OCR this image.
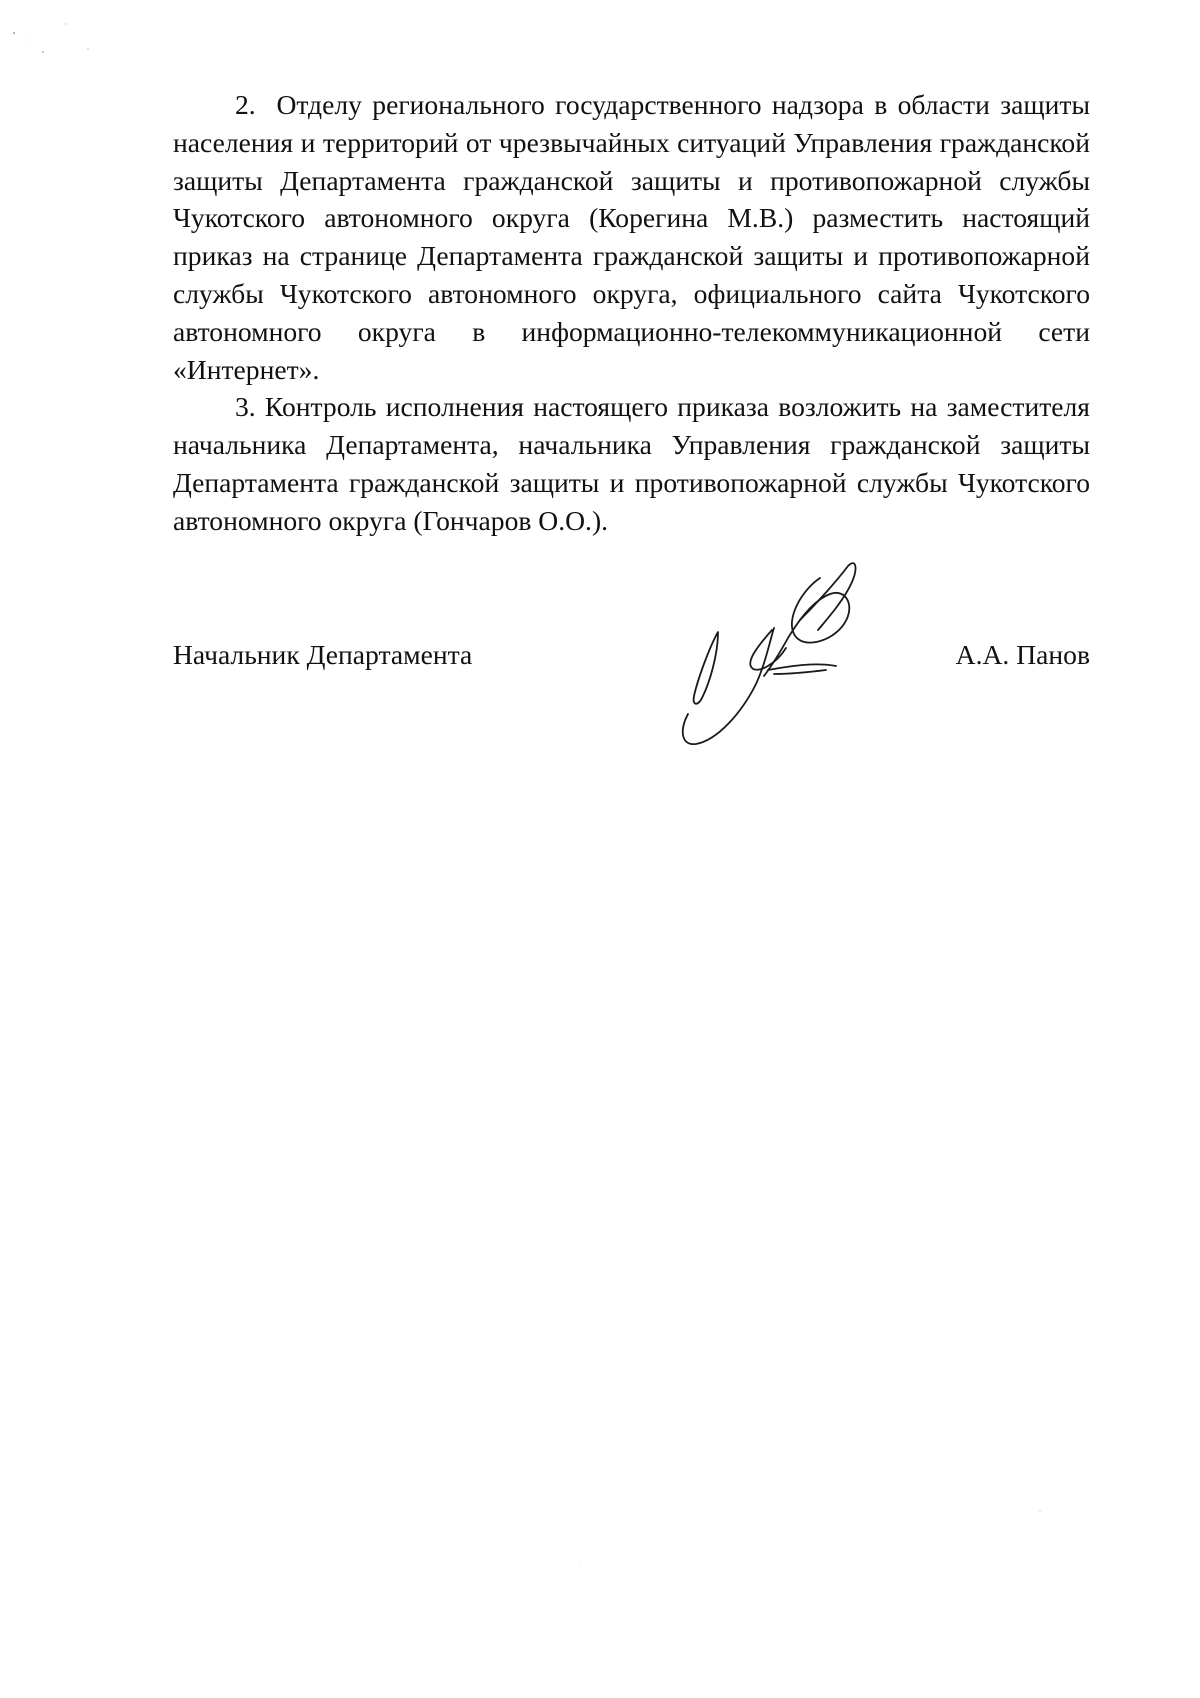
2.  Отделу регионального государственного надзора в области защиты населения и территорий от чрезвычайных ситуаций Управления гражданской защиты Департамента гражданской защиты и противопожарной службы Чукотского автономного округа (Корегина М.В.) разместить настоящий приказ на странице Департамента гражданской защиты и противопожарной службы Чукотского автономного округа, официального сайта Чукотского автономного округа в информационно-телекоммуникационной сети «Интернет».

3. Контроль исполнения настоящего приказа возложить на заместителя начальника Департамента, начальника Управления гражданской защиты Департамента гражданской защиты и противопожарной службы Чукотского автономного округа (Гончаров О.О.).

Начальник Департамента	А.А. Панов
